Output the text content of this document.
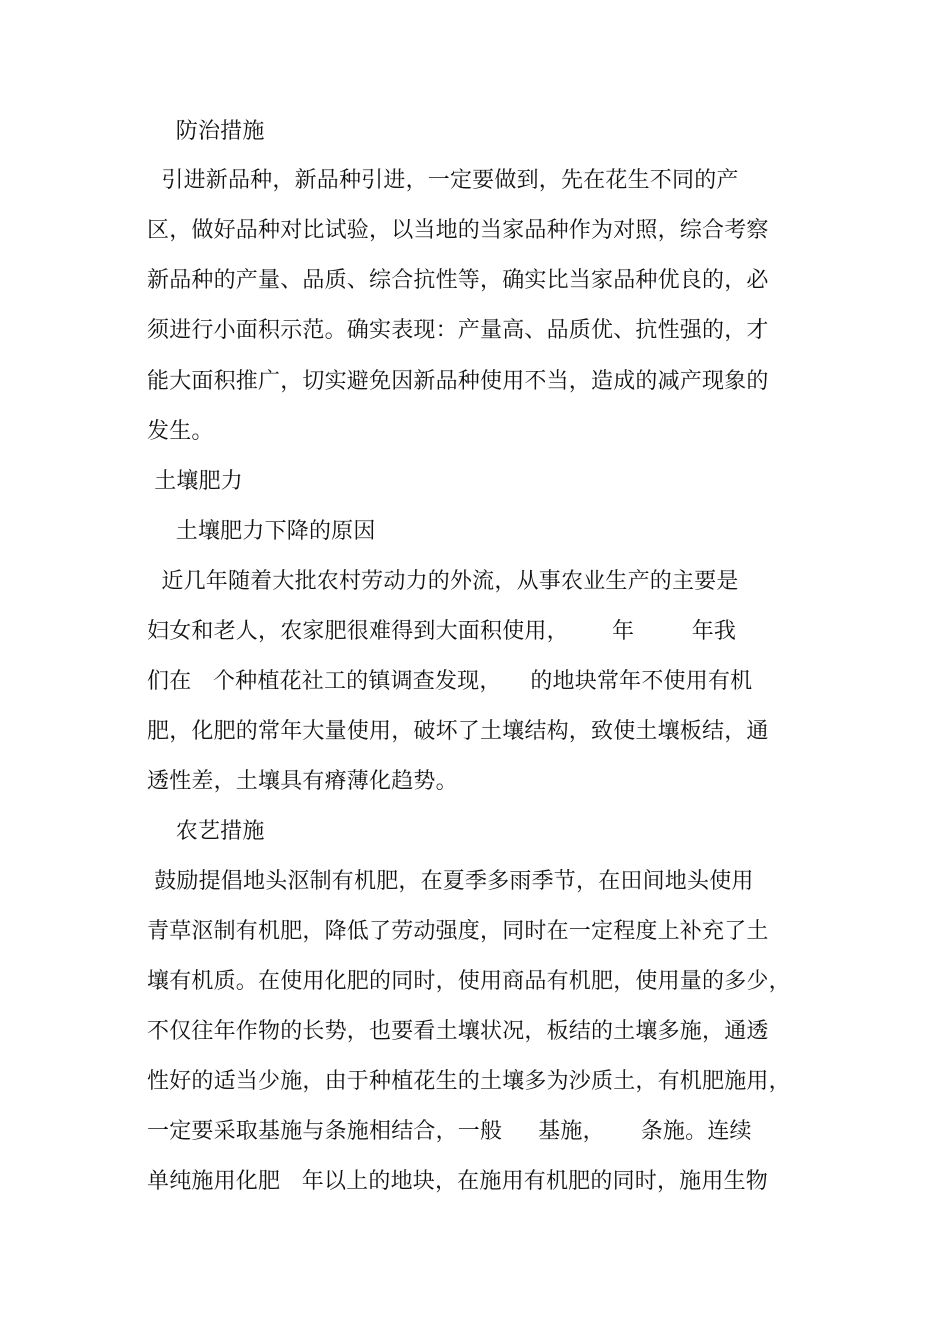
防治措施
引进新品种，新品种引进，一定要做到，先在花生不同的产
区，做好品种对比试验，以当地的当家品种作为对照，综合考察
新品种的产量、品质、综合抗性等，确实比当家品种优良的，必
须进行小面积示范。确实表现：产量高、品质优、抗性强的，才
能大面积推广，切实避免因新品种使用不当，造成的减产现象的
发生。
土壤肥力
土壤肥力下降的原因
近几年随着大批农村劳动力的外流，从事农业生产的主要是
妇女和老人，农家肥很难得到大面积使用，      年        年我
们在   个种植花社工的镇调查发现，    的地块常年不使用有机
肥，化肥的常年大量使用，破坏了土壤结构，致使土壤板结，通
透性差，土壤具有瘠薄化趋势。
农艺措施
鼓励提倡地头沤制有机肥，在夏季多雨季节，在田间地头使用
青草沤制有机肥，降低了劳动强度，同时在一定程度上补充了土
壤有机质。在使用化肥的同时，使用商品有机肥，使用量的多少，
不仅往年作物的长势，也要看土壤状况，板结的土壤多施，通透
性好的适当少施，由于种植花生的土壤多为沙质土，有机肥施用，
一定要采取基施与条施相结合，一般     基施，     条施。连续
单纯施用化肥   年以上的地块，在施用有机肥的同时，施用生物
